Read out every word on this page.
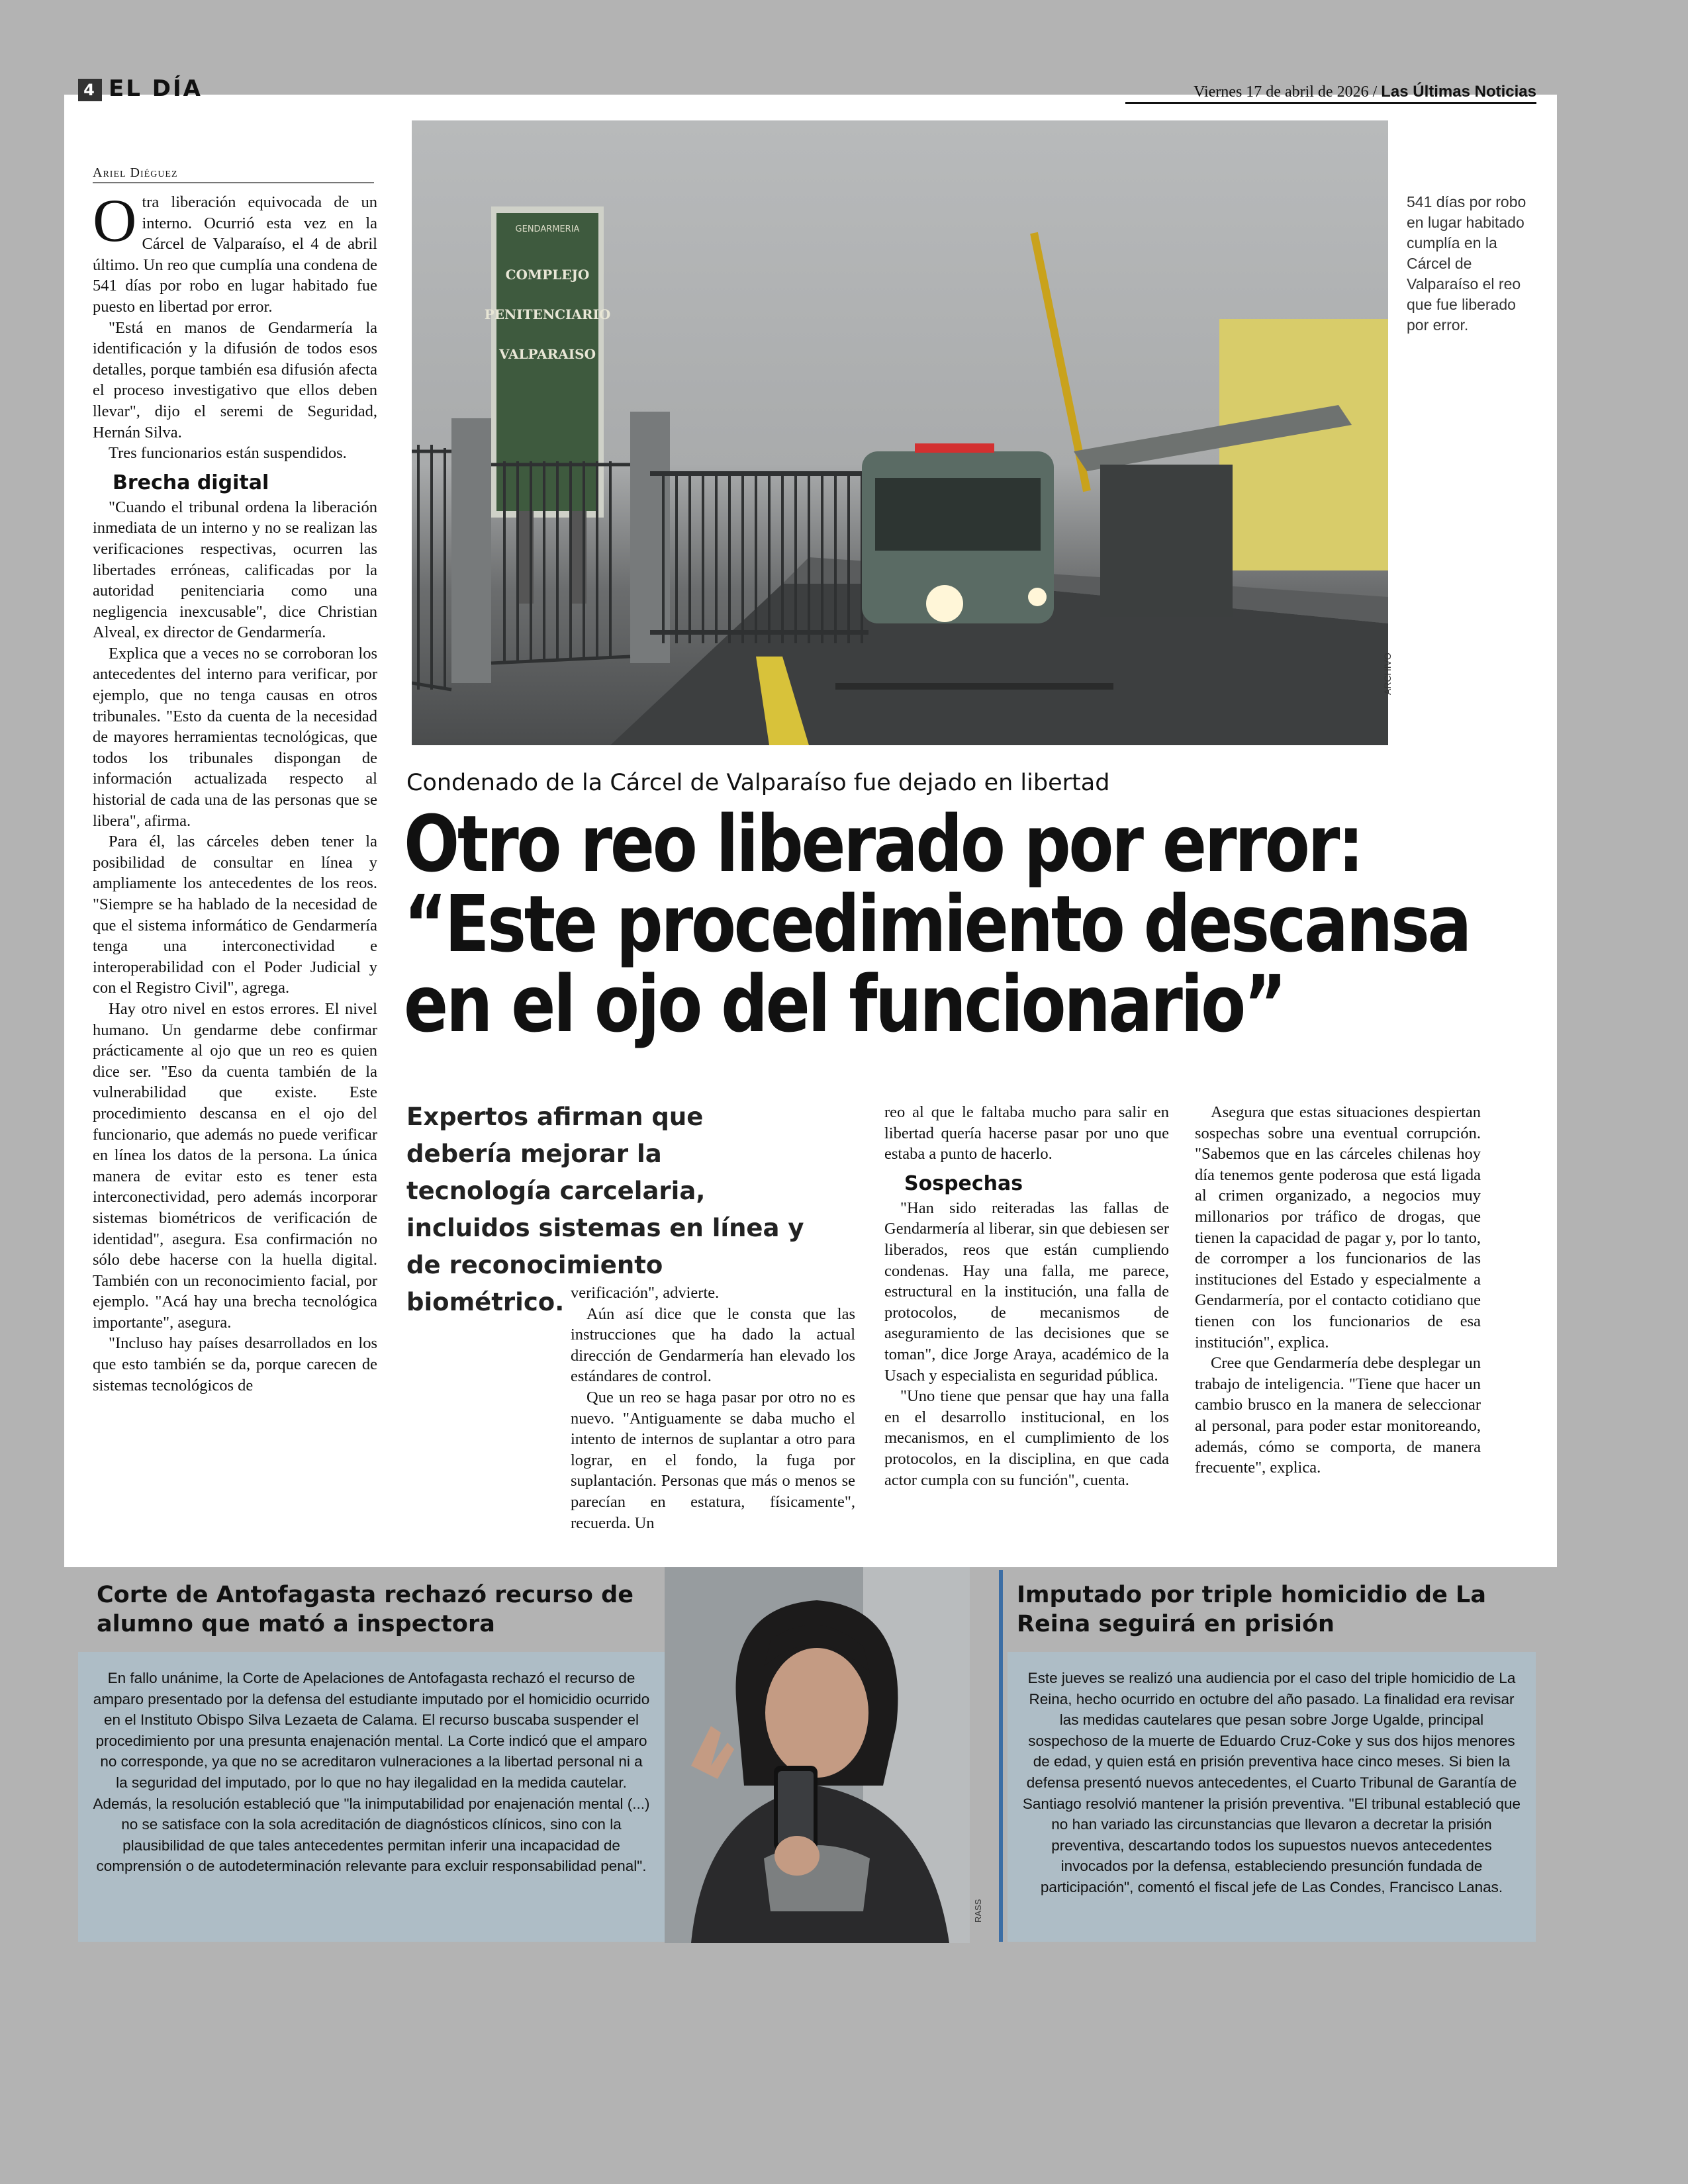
4 EL DÍA	Viernes 17 de abril de 2026 / Las Últimas Noticias
Ariel Diéguez

Otra liberación equivocada de un interno. Ocurrió esta vez en la Cárcel de Valparaíso, el 4 de abril último. Un reo que cumplía una condena de 541 días por robo en lugar habitado fue puesto en libertad por error.

"Está en manos de Gendarmería la identificación y la difusión de todos esos detalles, porque también esa difusión afecta el proceso investigativo que ellos deben llevar", dijo el seremi de Seguridad, Hernán Silva.

Tres funcionarios están suspendidos.

Brecha digital

"Cuando el tribunal ordena la liberación inmediata de un interno y no se realizan las verificaciones respectivas, ocurren las libertades erróneas, calificadas por la autoridad penitenciaria como una negligencia inexcusable", dice Christian Alveal, ex director de Gendarmería.

Explica que a veces no se corroboran los antecedentes del interno para verificar, por ejemplo, que no tenga causas en otros tribunales. "Esto da cuenta de la necesidad de mayores herramientas tecnológicas, que todos los tribunales dispongan de información actualizada respecto al historial de cada una de las personas que se libera", afirma.

Para él, las cárceles deben tener la posibilidad de consultar en línea y ampliamente los antecedentes de los reos. "Siempre se ha hablado de la necesidad de que el sistema informático de Gendarmería tenga una interconectividad e interoperabilidad con el Poder Judicial y con el Registro Civil", agrega.

Hay otro nivel en estos errores. El nivel humano. Un gendarme debe confirmar prácticamente al ojo que un reo es quien dice ser. "Eso da cuenta también de la vulnerabilidad que existe. Este procedimiento descansa en el ojo del funcionario, que además no puede verificar en línea los datos de la persona. La única manera de evitar esto es tener esta interconectividad, pero además incorporar sistemas biométricos de verificación de identidad", asegura. Esa confirmación no sólo debe hacerse con la huella digital. También con un reconocimiento facial, por ejemplo. "Acá hay una brecha tecnológica importante", asegura.

"Incluso hay países desarrollados en los que esto también se da, porque carecen de sistemas tecnológicos de

GENDARMERIA
COMPLEJO
PENITENCIARIO
VALPARAISO
ARCHIVO
541 días por robo en lugar habitado cumplía en la Cárcel de Valparaíso el reo que fue liberado por error.
Condenado de la Cárcel de Valparaíso fue dejado en libertad
Otro reo liberado por error:
“Este procedimiento descansa
en el ojo del funcionario”
Expertos afirman que debería mejorar la tecnología carcelaria, incluidos sistemas en línea y de reconocimiento biométrico. verificación", advierte.

Aún así dice que le consta que las instrucciones que ha dado la actual dirección de Gendarmería han elevado los estándares de control.

Que un reo se haga pasar por otro no es nuevo. "Antiguamente se daba mucho el intento de internos de suplantar a otro para lograr, en el fondo, la fuga por suplantación. Personas que más o menos se parecían en estatura, físicamente", recuerda. Un

reo al que le faltaba mucho para salir en libertad quería hacerse pasar por uno que estaba a punto de hacerlo.

Sospechas

"Han sido reiteradas las fallas de Gendarmería al liberar, sin que debiesen ser liberados, reos que están cumpliendo condenas. Hay una falla, me parece, estructural en la institución, una falla de protocolos, de mecanismos de aseguramiento de las decisiones que se toman", dice Jorge Araya, académico de la Usach y especialista en seguridad pública.

"Uno tiene que pensar que hay una falla en el desarrollo institucional, en los mecanismos, en el cumplimiento de los protocolos, en la disciplina, en que cada actor cumpla con su función", cuenta.

Asegura que estas situaciones despiertan sospechas sobre una eventual corrupción. "Sabemos que en las cárceles chilenas hoy día tenemos gente poderosa que está ligada al crimen organizado, a negocios muy millonarios por tráfico de drogas, que tienen la capacidad de pagar y, por lo tanto, de corromper a los funcionarios de las instituciones del Estado y especialmente a Gendarmería, por el contacto cotidiano que tienen con los funcionarios de esa institución", explica.

Cree que Gendarmería debe desplegar un trabajo de inteligencia. "Tiene que hacer un cambio brusco en la manera de seleccionar al personal, para poder estar monitoreando, además, cómo se comporta, de manera frecuente", explica.

Corte de Antofagasta rechazó recurso de alumno que mató a inspectora
En fallo unánime, la Corte de Apelaciones de Antofagasta rechazó el recurso de amparo presentado por la defensa del estudiante imputado por el homicidio ocurrido en el Instituto Obispo Silva Lezaeta de Calama. El recurso buscaba suspender el procedimiento por una presunta enajenación mental. La Corte indicó que el amparo no corresponde, ya que no se acreditaron vulneraciones a la libertad personal ni a la seguridad del imputado, por lo que no hay ilegalidad en la medida cautelar. Además, la resolución estableció que "la inimputabilidad por enajenación mental (...) no se satisface con la sola acreditación de diagnósticos clínicos, sino con la plausibilidad de que tales antecedentes permitan inferir una incapacidad de comprensión o de autodeterminación relevante para excluir responsabilidad penal".
RASS
Imputado por triple homicidio de La Reina seguirá en prisión
Este jueves se realizó una audiencia por el caso del triple homicidio de La Reina, hecho ocurrido en octubre del año pasado. La finalidad era revisar las medidas cautelares que pesan sobre Jorge Ugalde, principal sospechoso de la muerte de Eduardo Cruz-Coke y sus dos hijos menores de edad, y quien está en prisión preventiva hace cinco meses. Si bien la defensa presentó nuevos antecedentes, el Cuarto Tribunal de Garantía de Santiago resolvió mantener la prisión preventiva. "El tribunal estableció que no han variado las circunstancias que llevaron a decretar la prisión preventiva, descartando todos los supuestos nuevos antecedentes invocados por la defensa, estableciendo presunción fundada de participación", comentó el fiscal jefe de Las Condes, Francisco Lanas.
